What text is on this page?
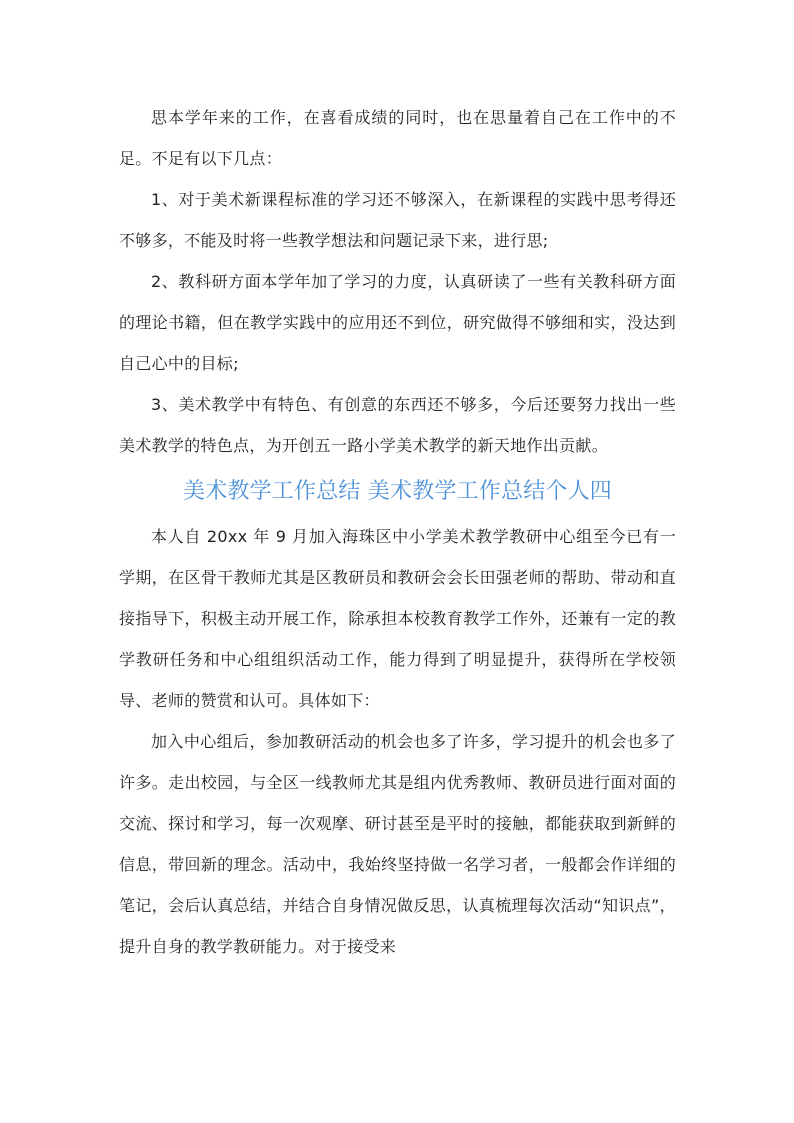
思本学年来的工作，在喜看成绩的同时，也在思量着自己在工作中的不足。不足有以下几点：

1、对于美术新课程标准的学习还不够深入，在新课程的实践中思考得还不够多，不能及时将一些教学想法和问题记录下来，进行思;

2、教科研方面本学年加了学习的力度，认真研读了一些有关教科研方面的理论书籍，但在教学实践中的应用还不到位，研究做得不够细和实，没达到自己心中的目标;

3、美术教学中有特色、有创意的东西还不够多，今后还要努力找出一些美术教学的特色点，为开创五一路小学美术教学的新天地作出贡献。

美术教学工作总结 美术教学工作总结个人四

本人自 20xx 年 9 月加入海珠区中小学美术教学教研中心组至今已有一学期，在区骨干教师尤其是区教研员和教研会会长田强老师的帮助、带动和直接指导下，积极主动开展工作，除承担本校教育教学工作外，还兼有一定的教学教研任务和中心组组织活动工作，能力得到了明显提升，获得所在学校领导、老师的赞赏和认可。具体如下：

加入中心组后，参加教研活动的机会也多了许多，学习提升的机会也多了许多。走出校园，与全区一线教师尤其是组内优秀教师、教研员进行面对面的交流、探讨和学习，每一次观摩、研讨甚至是平时的接触，都能获取到新鲜的信息，带回新的理念。活动中，我始终坚持做一名学习者，一般都会作详细的笔记，会后认真总结，并结合自身情况做反思，认真梳理每次活动“知识点”，提升自身的教学教研能力。对于接受来
